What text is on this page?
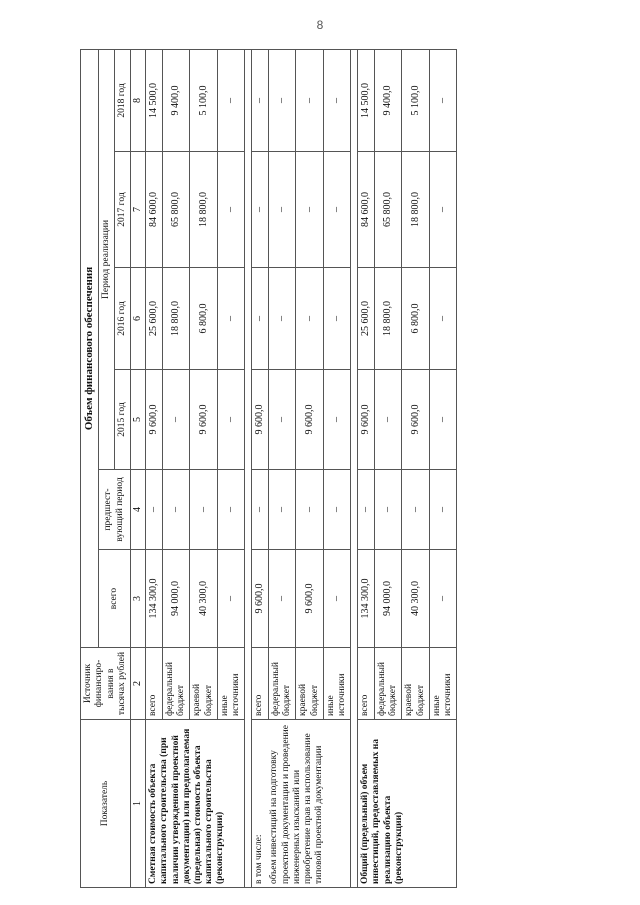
8
Показатель	Источник финансиро-вания в тысячах рублей	Объем финансового обеспечения					
		всего	предшест-вующий период	Период реализации			
				2015 год	2016 год	2017 год	2018 год
1	2	3	4	5	6	7	8

Сметная стоимость объекта капитального строительства (при наличии утвержденной проектной документации) или предполагаемая (предельная) стоимость объекта капитального строительства (реконструкции)	всего	134 300,0	–	9 600,0	25 600,0	84 600,0	14 500,0
	федеральный бюджет	94 000,0	–	–	18 800,0	65 800,0	9 400,0
	краевой бюджет	40 300,0	–	9 600,0	6 800,0	18 800,0	5 100,0
	иные источники	–	–	–	–	–	–

в том числе: объем инвестиций на подготовку проектной документации и проведение инженерных изысканий или приобретение прав на использование типовой проектной документации	всего	9 600,0	–	9 600,0	–	–	–
	федеральный бюджет	–	–	–	–	–	–
	краевой бюджет	9 600,0	–	9 600,0	–	–	–
	иные источники	–	–	–	–	–	–

Общий (предельный) объем инвестиций, предоставляемых на реализацию объекта (реконструкции)	всего	134 300,0	–	9 600,0	25 600,0	84 600,0	14 500,0
	федеральный бюджет	94 000,0	–	–	18 800,0	65 800,0	9 400,0
	краевой бюджет	40 300,0	–	9 600,0	6 800,0	18 800,0	5 100,0
	иные источники	–	–	–	–	–	–
